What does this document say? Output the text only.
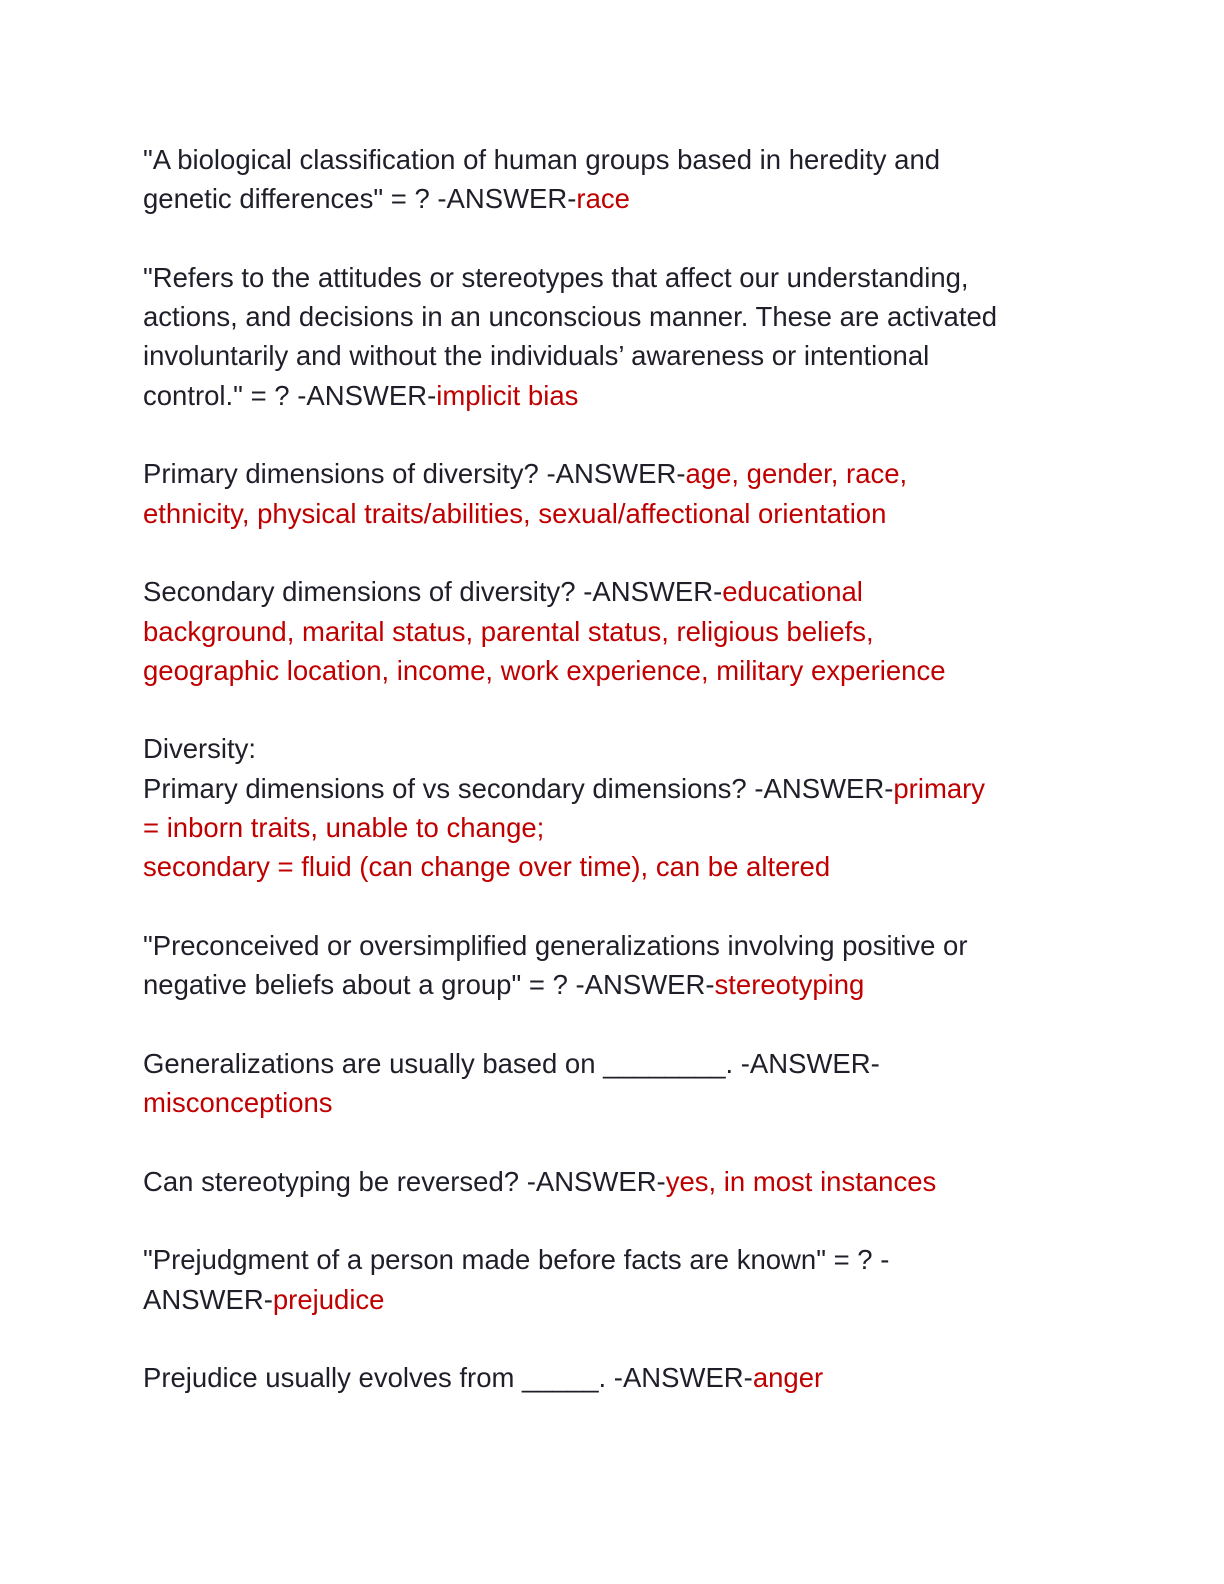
"A biological classification of human groups based in heredity and
genetic differences" = ? -ANSWER-race
"Refers to the attitudes or stereotypes that affect our understanding,
actions, and decisions in an unconscious manner. These are activated
involuntarily and without the individuals’ awareness or intentional
control." = ? -ANSWER-implicit bias
Primary dimensions of diversity? -ANSWER-age, gender, race,
ethnicity, physical traits/abilities, sexual/affectional orientation
Secondary dimensions of diversity? -ANSWER-educational
background, marital status, parental status, religious beliefs,
geographic location, income, work experience, military experience
Diversity:
Primary dimensions of vs secondary dimensions? -ANSWER-primary
= inborn traits, unable to change;
secondary = fluid (can change over time), can be altered
"Preconceived or oversimplified generalizations involving positive or
negative beliefs about a group" = ? -ANSWER-stereotyping
Generalizations are usually based on ________. -ANSWER-
misconceptions
Can stereotyping be reversed? -ANSWER-yes, in most instances
"Prejudgment of a person made before facts are known" = ? -
ANSWER-prejudice
Prejudice usually evolves from _____. -ANSWER-anger
